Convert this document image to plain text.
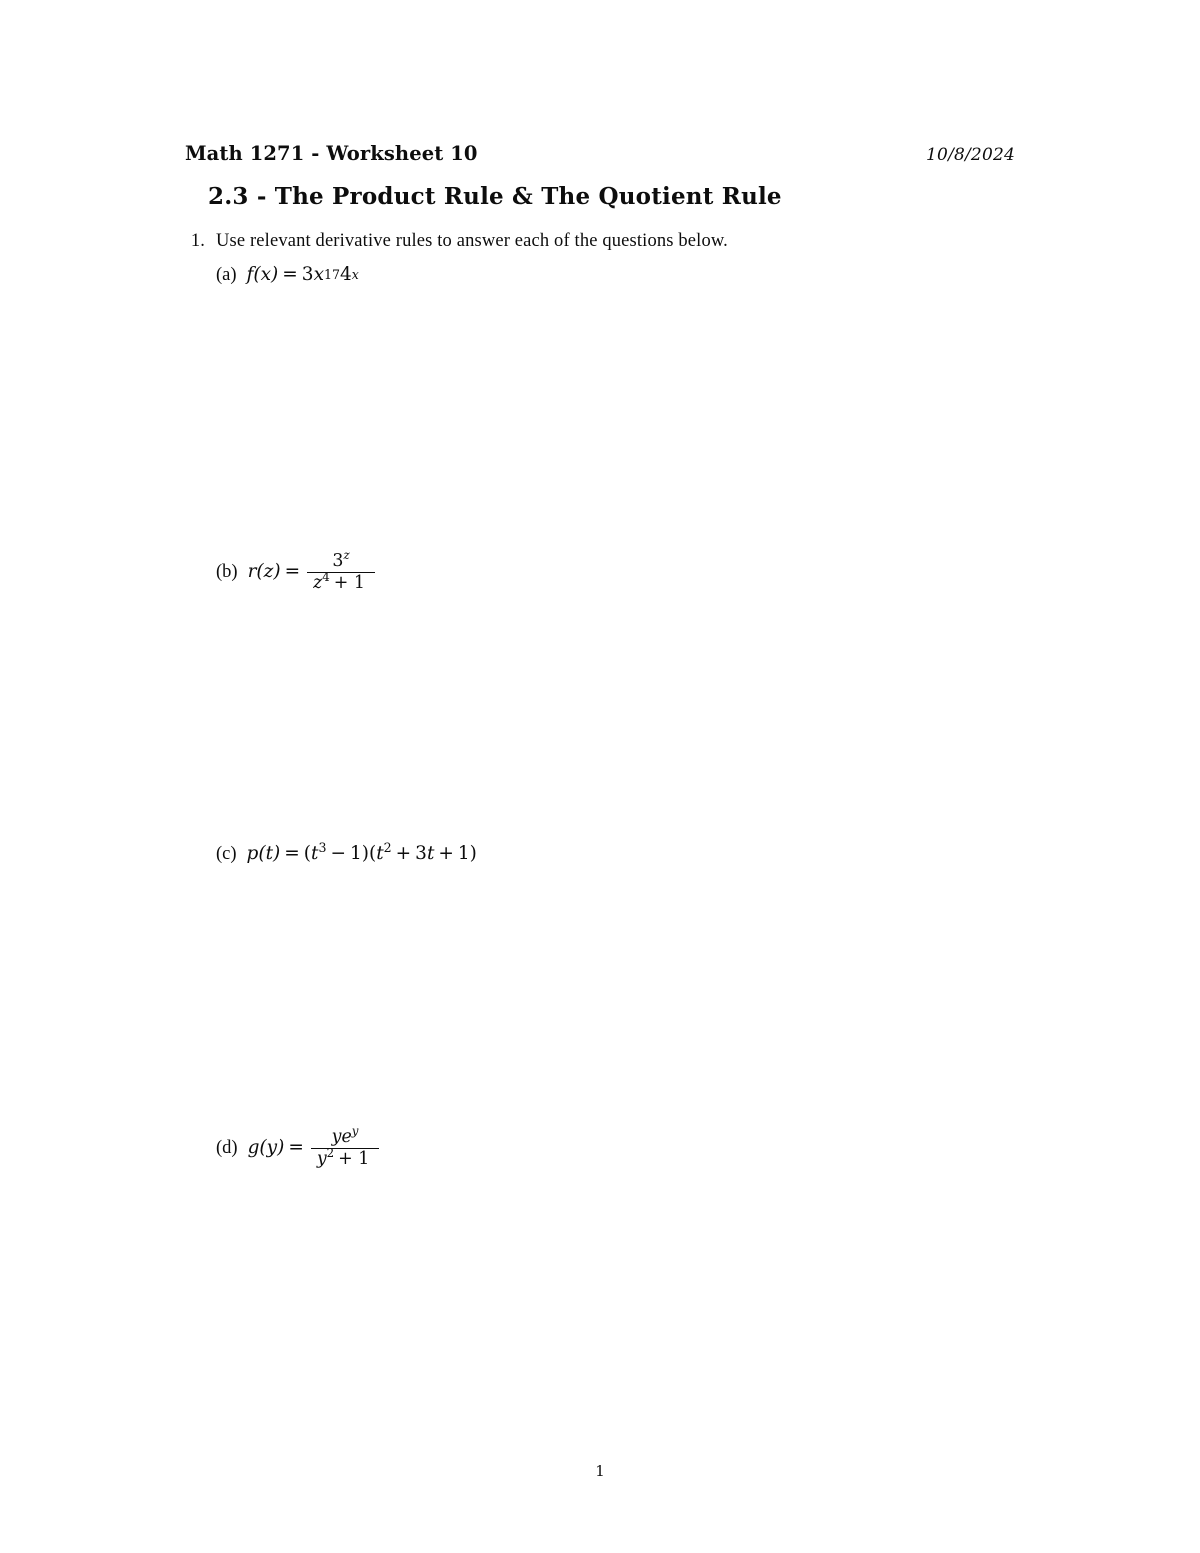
Math 1271 - Worksheet 10	10/8/2024
2.3 - The Product Rule & The Quotient Rule
1. Use relevant derivative rules to answer each of the questions below.
(a) f(x) = 3 x 17 4 x
(b) $r(z) = \frac{3^z}{z^4 + 1}$
(c) $p(t) = (t^3 - 1) (t^2 + 3t + 1)$
(d) $g(y) = \frac{ye^y}{y^2 + 1}$
1
